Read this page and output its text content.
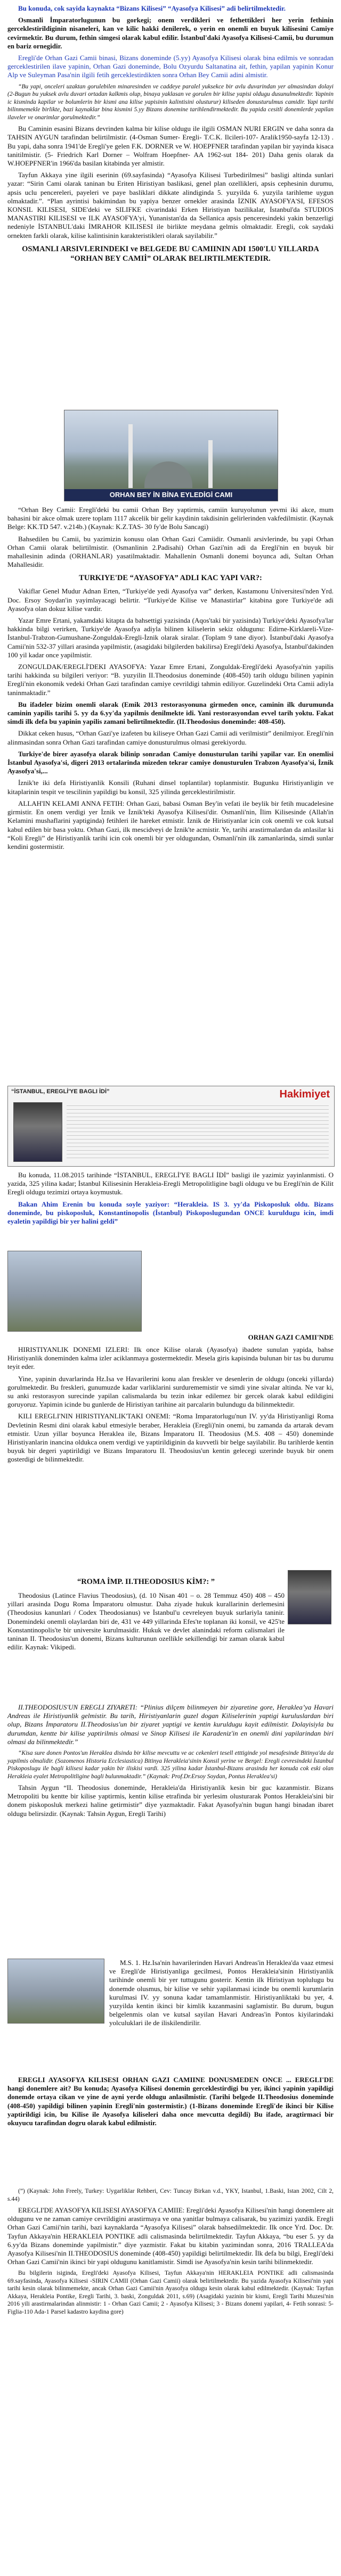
Bu konuda, cok sayida kaynakta “Bizans Kilisesi” “Ayasofya Kilisesi” adi belirtilmektedir.

Osmanli İmparatorlugunun bu gorkegi; onem verdikleri ve fethettikleri her yerin fethinin gerceklestirildiginin nisaneleri, kan ve kilic hakki denilerek, o yerin en onemli en buyuk kilisesini Camiye cevirmektir. Bu durum, fethin simgesi olarak kabul edilir. İstanbul'daki Ayasofya Kilisesi-Camii, bu durumun en bariz ornegidir.

Eregli'de Orhan Gazi Camii binasi, Bizans doneminde (5.yy) Ayasofya Kilisesi olarak bina edilmis ve sonradan gerceklestirilen ilave yapinin, Orhan Gazi doneminde, Bolu Ozyurdu Saltanatina ait, fethin, yapilan yapinin Konur Alp ve Suleyman Pasa'nin ilgili fetih gerceklestirdikten sonra Orhan Bey Camii adini almistir.

“Bu yapi, onceleri uzaktan gorulebilen minaresinden ve caddeye paralel yuksekce bir avlu duvarindan yer almasindan dolayi (2-Bugun bu yuksek avlu duvari ortadan kalkmis olup, binaya yaklasan ve gorulen bir kilise yapisi oldugu dusunulmektedir. Yapinin ic kisminda kapilar ve bolumlerin bir kismi ana kilise yapisinin kalintisini olusturur) kiliseden donusturulmus camidir. Yapi tarihi bilinmemekle birlikte, bazi kaynaklar bina kismini 5.yy Bizans donemine tarihlendirmektedir. Bu yapida cesitli donemlerde yapilan ilaveler ve onarimlar gorulmektedir.”

Bu Caminin esasini Bizans devrinden kalma bir kilise oldugu ile ilgili OSMAN NURI ERGIN ve daha sonra da TAHSIN AYGUN tarafindan belirtilmistir. (4-Osman Sumer- Eregli- T.C.K. Ilcileri-107- Aralik1950-sayfa 12-13) . Bu yapi, daha sonra 1941'de Eregli'ye gelen F.K. DORNER ve W. HOEPFNER tarafindan yapilan bir yayinda kisaca tanitilmistir. (5- Friedrich Karl Dorner – Wolfram Hoepfner- AA 1962-sut 184- 201) Daha genis olarak da W.HOEPFNER'in 1966'da basilan kitabinda yer almistir.

Tayfun Akkaya yine ilgili eserinin (69.sayfasinda) “Ayasofya Kilisesi Turbedirilmesi” basligi altinda sunlari yazar: “Sirin Cami olarak taninan bu Eriten Hiristiyan baslikasi, genel plan ozellikleri, apsis cephesinin durumu, apsis uclu pencereleri, payeleri ve paye basliklari dikkate alindiginda 5. yuzyilda 6. yuzyila tarihleme uygun olmaktadir.”. “Plan ayrintisi bakimindan bu yapiya benzer ornekler arasinda İZNIK AYASOFYA'SI, EFESOS KONSIL KILISESI, SIDE'deki ve SILIFKE civarindaki Erken Hiristiyan bazilikalar, İstanbul'da STUDIOS MANASTIRI KILISESI ve ILK AYASOFYA'yi, Yunanistan'da da Sellanica apsis penceresindeki yakin benzerligi nedeniyle İSTANBUL'daki İMRAHOR KILISESI ile birlikte meydana gelmis olmaktadir. Eregli, cok saydaki ornekten farkli olarak, kilise kalintisinin karakteristikleri olarak sayilabilir.”

OSMANLI ARSIVLERINDEKI ve BELGEDE BU CAMIININ ADI 1500'LU YILLARDA “ORHAN BEY CAMIİ” OLARAK BELIRTILMEKTEDIR.

ORHAN BEY İN BİNA EYLEDİGİ CAMI

“Orhan Bey Camii: Eregli'deki bu camii Orhan Bey yaptirmis, camiin kuruyolunun yevmi iki akce, mum bahasini bir akce olmak uzere toplam 1117 akcelik bir gelir kaydinin takdisinin gelirlerinden vakfedilmistir. (Kaynak Belge: KK.TD 547. v.214b.) (Kaynak: K.Z.TAS- 30 fy'de Bolu Sancagi)

Bahsedilen bu Camii, bu yazimizin konusu olan Orhan Gazi Camiidir. Osmanli arsivlerinde, bu yapi Orhan Orhan Camii olarak belirtilmistir. (Osmanlinin 2.Padisahi) Orhan Gazi'nin adi da Eregli'nin en buyuk bir mahallesinin adinda (ORHANLAR) yasatilmaktadir. Mahallenin Osmanli donemi boyunca adi, Sultan Orhan Mahallesidir.

TURKIYE'DE “AYASOFYA” ADLI KAC YAPI VAR?:

Vakiflar Genel Mudur Adnan Erten, “Turkiye'de yedi Ayasofya var” derken, Kastamonu Universitesi'nden Yrd. Doc. Ersoy Soydan'in yayimlayacagi belirtir. “Turkiye'de Kilise ve Manastirlar” kitabina gore Turkiye'de adi Ayasofya olan dokuz kilise vardir.

Yazar Emre Ertani, yakamdaki kitapta da bahsettigi yazisinda (Aqos'taki bir yazisinda) Turkiye'deki Ayasofya'lar hakkinda bilgi verirken, Turkiye'de Ayasofya adiyla bilinen kiliselerin sekiz oldugunu: Edirne-Kirklareli-Vize-İstanbul-Trabzon-Gumushane-Zonguldak-Eregli-İznik olarak siralar. (Toplam 9 tane diyor). İstanbul'daki Ayasofya Camii'nin 532-37 yillari arasinda yapilmistir, (asagidaki bilgilerden bakilirsa) Eregli'deki Ayasofya, İstanbul'dakinden 100 yil kadar once yapilmistir.

ZONGULDAK/EREGLİ'DEKI AYASOFYA: Yazar Emre Ertani, Zonguldak-Eregli'deki Ayasofya'nin yapilis tarihi hakkinda su bilgileri veriyor: “B. yuzyilin II.Theodosius doneminde (408-450) tarih oldugu bilinen yapinin Eregli'nin ekonomik vedeki Orhan Gazi tarafindan camiye cevrildigi tahmin ediliyor. Guzelindeki Orta Camii adiyla taninmaktadir.”

Bu ifadeler bizim onemli olarak (Emik 2013 restorasyonuna girmeden once, caminin ilk durumunda caminin yapilis tarihi 5. yy da 6.yy'da yapilmis denilmekte idi. Yani restorasyondan evvel tarih yoktu. Fakat simdi ilk defa bu yapinin yapilis zamani belirtilmektedir. (II.Theodosius doneminde: 408-450).

Dikkat ceken husus, “Orhan Gazi'ye izafeten bu kiliseye Orhan Gazi Camii adi verilmistir” denilmiyor. Eregli'nin alinmasindan sonra Orhan Gazi tarafindan camiye donusturulmus olmasi gerekiyordu.

Turkiye'de birer ayasofya olarak bilinip sonradan Camiye donusturulan tarihi yapilar var. En onemlisi İstanbul Ayasofya'si, digeri 2013 ortalarinda mizeden tekrar camiye donusturulen Trabzon Ayasofya'si, İznik Ayasofya'si,...

İznik'te iki defa Hiristiyanlik Konsili (Ruhani dinsel toplantilar) toplanmistir. Bugunku Hiristiyanligin ve kitaplarinin tespit ve tescilinin yapildigi bu konsil, 325 yilinda gerceklestirilmistir.

ALLAH'IN KELAMI ANNA FETIH: Orhan Gazi, babasi Osman Bey'in vefati ile beylik bir fetih mucadelesine girmistir. En onem verdigi yer İznik ve İznik'teki Ayasofya Kilisesi'dir. Osmanli'nin, İlim Kilisesinde (Allah'in Kelamini mushaflarini yaptiginda) fetihleri ile hareket etmistir. İznik de Hiristiyanlar icin cok onemli ve cok kutsal kabul edilen bir basa yoktu. Orhan Gazi, ilk mescidveyi de İznik'te acmistir. Ye, tarihi arastirmalardan da anlasilar ki “Koli Eregli” de Hiristiyanlik tarihi icin cok onemli bir yer oldugundan, Osmanli'nin ilk zamanlarinda, simdi sunlar kendini gostermistir.

“İSTANBUL, EREGLİ'YE BAGLI İDİ”	Hakimiyet

Bu konuda, 11.08.2015 tarihinde “İSTANBUL, EREGLİ'YE BAGLI İDİ” basligi ile yazimiz yayinlanmisti. O yazida, 325 yilina kadar; İstanbul Kilisesinin Herakleia-Eregli Metropolitligine bagli oldugu ve bu Eregli'nin de Kilit Eregli oldugu tezimizi ortaya koymustuk.

Bakan Ahim Erenin bu konuda soyle yaziyor: “Herakleia. IS 3. yy'da Piskoposluk oldu. Bizans doneminde, bu piskoposluk, Konstantinopolis (İstanbul) Piskoposlugundan ONCE kuruldugu icin, imdi eyaletin yapildigi bir yer halini geldi”

ORHAN GAZI CAMII'NDE

HIRISTIYANLIK DONEMI IZLERI: Ilk once Kilise olarak (Ayasofya) ibadete sunulan yapida, bahse Hiristiyanlik doneminden kalma izler aciklanmaya gostermektedir. Mesela giris kapisinda bulunan bir tas bu durumu teyit eder.

Yine, yapinin duvarlarinda Hz.Isa ve Havarilerini konu alan freskler ve desenlerin de oldugu (onceki yillarda) gorulmektedir. Bu freskleri, gunumuzde kadar varliklarini surdurememistir ve simdi yine sivalar altinda. Ne var ki, su anki restorasyon surecinde yapilan calismalarda bu tezin inkar edilemez bir gercek olarak kabul edildigini goruyoruz. Yapimin icinde bu gunlerde de Hiristiyan tarihine ait parcalarin bulundugu da bilinmektedir.

KILI EREGLI'NIN HIRISTIYANLIK'TAKI ONEMI: “Roma Imparatorlugu'nun IV. yy'da Hiristiyanligi Roma Devletinin Resmi dini olarak kabul etmesiyle beraber, Herakleia (Eregli)'nin onemi, bu zamanda da artarak devam etmistir. Uzun yillar boyunca Heraklea ile, Bizans İmparatoru II. Theodosius (M.S. 408 – 450) doneminde Hiristiyanlarin inancina oldukca onem verdigi ve yaptirildiginin da kuvvetli bir belge sayilabilir. Bu tarihlerde kentin buyuk bir degeri yaptirildigi ve Bizans Imparatoru II. Theodosius'un kentin gelecegi uzerinde buyuk bir onem gosterdigi de bilinmektedir.

“ROMA İMP. II.THEODOSIUS KİM?: ”

Theodosius (Latince Flavius Theodosius), (d. 10 Nisan 401 – o. 28 Temmuz 450) 408 – 450 yillari arasinda Dogu Roma İmparatoru olmustur. Daha ziyade hukuk kurallarinin derlemesini (Theodosius kanunlari / Codex Theodosianus) ve İstanbul'u cevreleyen buyuk surlariyla taninir. Donemindeki onemli olaylardan biri de, 431 ve 449 yillarinda Efes'te toplanan iki konsil, ve 425'te Konstantinopolis'te bir universite kurulmasidir. Hukuk ve devlet alanindaki reform calismalari ile taninan II. Theodosius'un donemi, Bizans kulturunun ozellikle sekillendigi bir zaman olarak kabul edilir. Kaynak: Vikipedi.

II.THEODOSIUS'UN EREGLI ZIYARETI: “Plinius dilçem bilinmeyen bir ziyaretine gore, Heraklea’ya Havari Andreas ile Hiristiyanlik gelmistir. Bu tarih, Hiristiyanlarin guzel dogan Kiliselerinin yaptigi kuruluslardan biri olup, Bizans İmparatoru II.Theodosius'un bir ziyaret yaptigi ve kentin kuruldugu kayit edilmistir. Dolayisiyla bu durumdan, kentte bir kilise yaptirilmis olmasi ve Sinop Kilisesi ile Karadeniz'in en onemli dini yapilarindan biri olmasi da bilinmektedir.”

“Kisa sure donen Pontos'un Heraklea disinda bir kilise mevcuttu ve ac cekenleri tesell etttiginde yol mesafesinde Bitinya'da da yapilmis olmalidir. (Sozomenos Historia Ecclesiastica) Bitinya Herakleia'sinin Konsil yerine ve Bergel: Eregli cevresindeki İstanbul Piskoposlugu ile bagli kilisesi kadar yakin bir iliskisi vardi. 325 yilina kadar İstanbul-Bizans arasinda her konuda cok eski olan Herakleia eyalet Metropolitligine bagli bulunmaktadir.” (Kaynak: Prof.Dr.Ersoy Soydan, Pontus Heraklea'si)

Tahsin Aygun “II. Theodosius doneminde, Herakleia'da Hiristiyanlik kesin bir guc kazanmistir. Bizans Metropoliti bu kentte bir kilise yaptirmis, kentin kilise etrafinda bir yerlesim olusturarak Pontos Herakleia'sini bir donem piskoposluk merkezi haline getirmistir” diye yazmaktadir. Fakat Ayasofya'nin bugun hangi binadan ibaret oldugu belirsizdir. (Kaynak: Tahsin Aygun, Eregli Tarihi)

M.S. 1. Hz.Isa'nin havarilerinden Havari Andreas'in Heraklea'da vaaz etmesi ve Eregli'de Hiristiyanliga gecilmesi, Pontos Herakleia'sinin Hiristiyanlik tarihinde onemli bir yer tuttugunu gosterir. Kentin ilk Hiristiyan toplulugu bu donemde olusmus, bir kilise ve sehir yapilanmasi icinde bu onemli kurumlarin kurulmasi IV. yy sonuna kadar tamamlanmistir. Hiristiyanliktaki bu yer, 4. yuzyilda kentin ikinci bir kimlik kazanmasini saglamistir. Bu durum, bugun belgelenmis olan ve kutsal sayilan Havari Andreas'in Pontos kiyilarindaki yolculuklari ile de iliskilendirilir.

EREGLI AYASOFYA KILISESI ORHAN GAZI CAMIINE DONUSMEDEN ONCE ... EREGLI'DE hangi donemlere ait? Bu konuda; Ayasofya Kilisesi donemin gerceklestirdigi bu yer, ikinci yapinin yapildigi donemde ortaya cikan ve yine de ayni yerde oldugu anlasilmistir. (Tarihi belgede II.Theodosius doneminde (408-450) yapildigi bilinen yapinin Eregli'nin gostermistir.) (1-Bizans doneminde Eregli'de ikinci bir Kilise yaptirildigi icin, bu Kilise ile Ayasofya kiliseleri daha once mevcutta degildi) Bu ifade, aragtirmaci bir okuyucu tarafindan dogru olarak kabul edilmistir.

(”) (Kaynak: John Freely, Turkey: Uygarliklar Rehberi, Cev: Tuncay Birkan v.d., YKY, Istanbul, 1.Baski, Istan 2002, Cilt 2, s.44)

EREGLI'DE AYASOFYA KILISESI AYASOFYA CAMIIE: Eregli'deki Ayasofya Kilisesi'nin hangi donemlere ait oldugunu ve ne zaman camiye cevrildigini arastirmaya ve ona yanitlar bulmaya calisarak, bu yazimizi yazdik. Eregli Orhan Gazi Camii'nin tarihi, bazi kaynaklarda “Ayasofya Kilisesi” olarak bahsedilmektedir. Ilk once Yrd. Doc. Dr. Tayfun Akkaya'nin HERAKLEIA PONTIKE adli calismasinda belirtilmektedir. Tayfun Akkaya, “bu eser 5. yy da 6.yy'da Bizans doneminde yapilmistir.” diye yazmistir. Fakat bu kitabin yazimindan sonra, 2016 TRALLEA'da Ayasofya Kilisesi'nin II.THEODOSIUS doneminde (408-450) yapildigi belirtilmektedir. İlk defa bu bilgi, Eregli'deki Orhan Gazi Camii'nin ikinci bir yapi oldugunu kanitlamistir. Simdi ise Ayasofya'nin kesin tarihi bilinmektedir.

Bu bilgilerin isiginda, Eregli'deki Ayasofya Kilisesi, Tayfun Akkaya'nin HERAKLEIA PONTIKE adli calismasinda 69.sayfasinda, Ayasofya Kilisesi -SIRIN CAMII (Orhan Gazi Camii) olarak belirtilmektedir. Bu yazida Ayasofya Kilisesi'nin yapi tarihi kesin olarak bilinmemekte, ancak Orhan Gazi Camii'nin Ayasofya oldugu kesin olarak kabul edilmektedir. (Kaynak: Tayfun Akkaya, Herakleia Pontike, Eregli Tarihi, 3. baski, Zonguldak 2011, s.69) (Asagidaki yazinin bir kismi, Eregli Tarihi Muzesi'nin 2016 yili arastirmalarindan alinmistir: 1 - Orhan Gazi Camii; 2 - Ayasofya Kilisesi; 3 - Bizans donemi yapilari, 4- Fetih sonrasi: 5- Figlia-110 Ada-1 Parsel kadastro kaydina gore)
